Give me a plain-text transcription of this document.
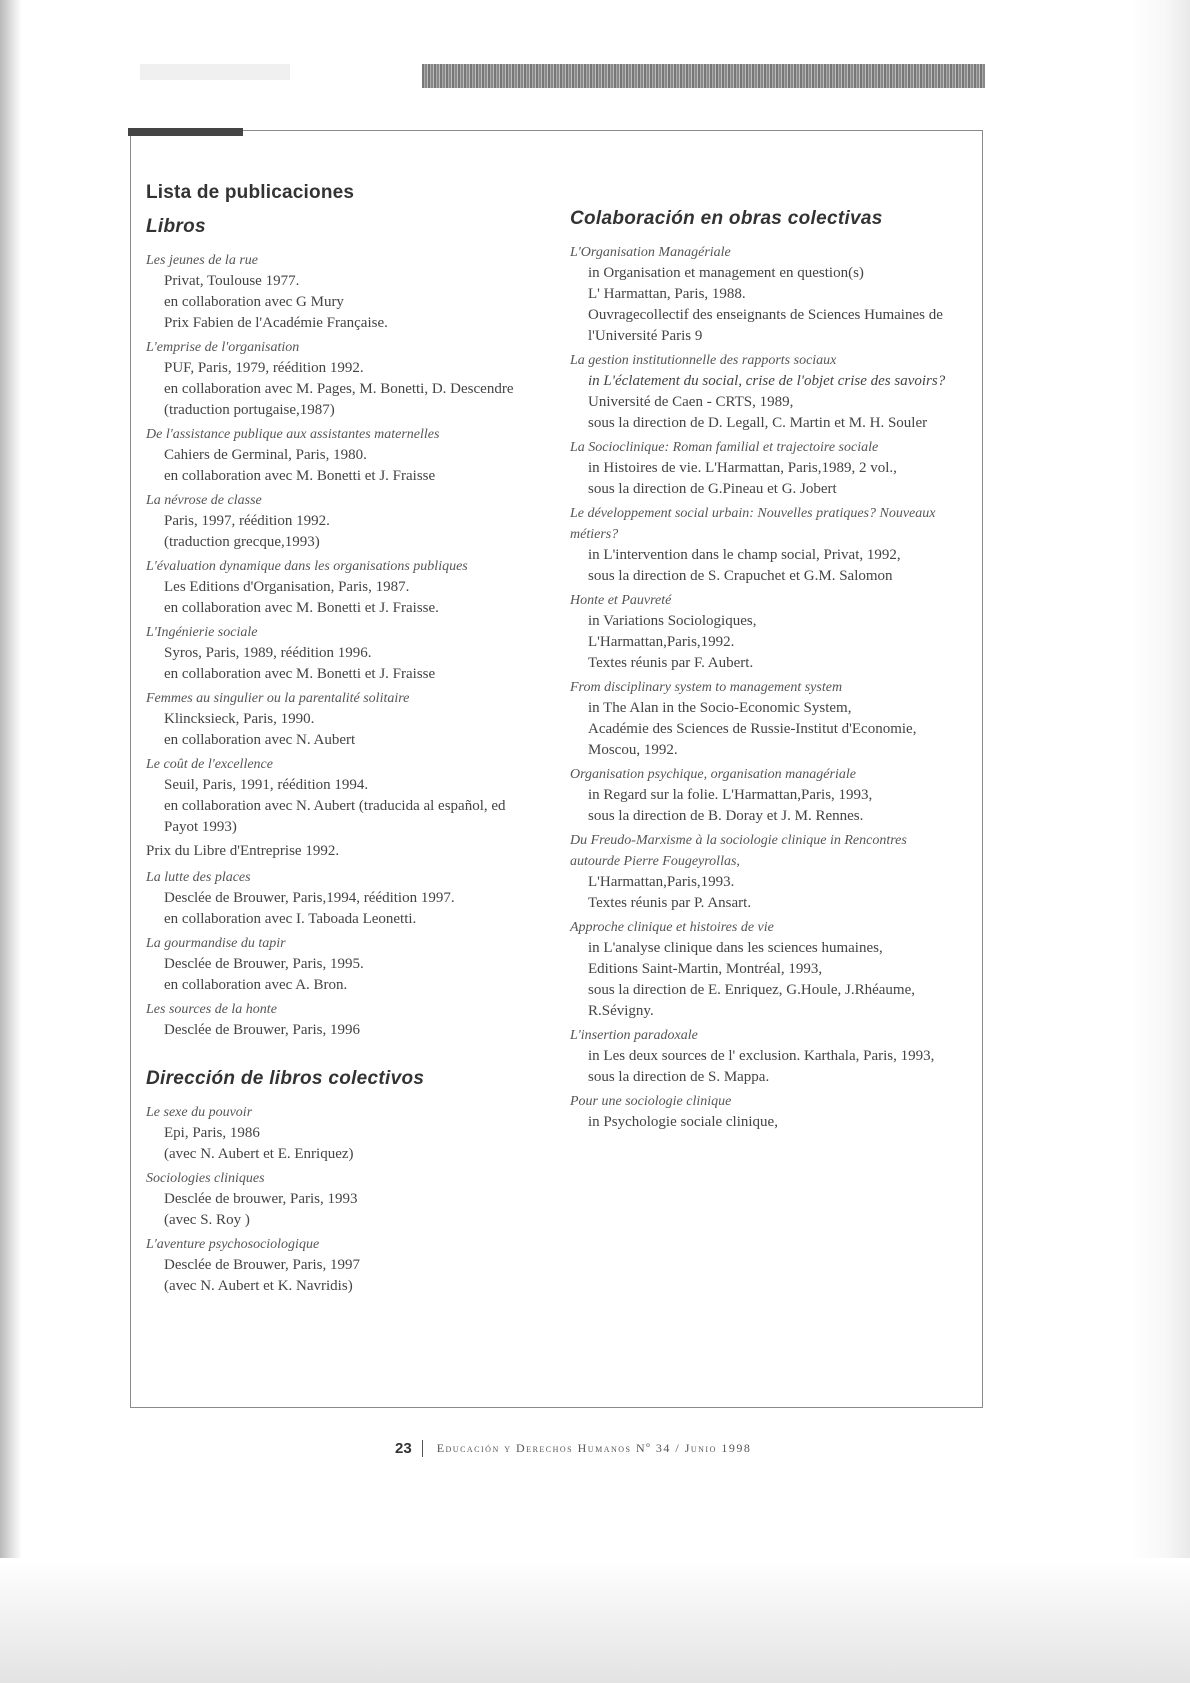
Lista de publicaciones
Libros
Les jeunes de la rue
Privat, Toulouse 1977.
en collaboration avec G Mury
Prix Fabien de l'Académie Française.
L'emprise de l'organisation
PUF, Paris, 1979, réédition 1992.
en collaboration avec M. Pages, M. Bonetti, D. Descendre
(traduction portugaise,1987)
De l'assistance publique aux assistantes maternelles
Cahiers de Germinal, Paris, 1980.
en collaboration avec M. Bonetti et J. Fraisse
La névrose de classe
Paris, 1997, réédition 1992.
(traduction grecque,1993)
L'évaluation dynamique dans les organisations publiques
Les Editions d'Organisation, Paris, 1987.
en collaboration avec M. Bonetti et J. Fraisse.
L'Ingénierie sociale
Syros, Paris, 1989, réédition 1996.
en collaboration avec M. Bonetti et J. Fraisse
Femmes au singulier ou la parentalité solitaire
Klincksieck, Paris, 1990.
en collaboration avec N. Aubert
Le coût de l'excellence
Seuil, Paris, 1991, réédition 1994.
en collaboration avec N. Aubert (traducida al español, ed Payot 1993)
Prix du Libre d'Entreprise 1992.
La lutte des places
Desclée de Brouwer, Paris,1994, réédition 1997.
en collaboration avec I. Taboada Leonetti.
La gourmandise du tapir
Desclée de Brouwer, Paris, 1995.
en collaboration avec A. Bron.
Les sources de la honte
Desclée de Brouwer, Paris, 1996
Dirección de libros colectivos
Le sexe du pouvoir
Epi, Paris, 1986
(avec N. Aubert et E. Enriquez)
Sociologies cliniques
Desclée de brouwer, Paris, 1993
(avec S. Roy )
L'aventure psychosociologique
Desclée de Brouwer, Paris, 1997
(avec N. Aubert et K. Navridis)
Colaboración en obras colectivas
L'Organisation Managériale
in Organisation et management en question(s)
L' Harmattan, Paris, 1988.
Ouvragecollectif des enseignants de Sciences Humaines de l'Université Paris 9
La gestion institutionnelle des rapports sociaux
in L'éclatement du social, crise de l'objet crise des savoirs?
Université de Caen - CRTS, 1989,
sous la direction de D. Legall, C. Martin et M. H. Souler
La Socioclinique: Roman familial et trajectoire sociale
in Histoires de vie. L'Harmattan, Paris,1989, 2 vol.,
sous la direction de G.Pineau et G. Jobert
Le développement social urbain: Nouvelles pratiques? Nouveaux métiers?
in L'intervention dans le champ social, Privat, 1992,
sous la direction de S. Crapuchet et G.M. Salomon
Honte et Pauvreté
in Variations Sociologiques,
L'Harmattan,Paris,1992.
Textes réunis par F. Aubert.
From disciplinary system to management system
in The Alan in the Socio-Economic System,
Académie des Sciences de Russie-Institut d'Economie, Moscou, 1992.
Organisation psychique, organisation managériale
in Regard sur la folie. L'Harmattan,Paris, 1993,
sous la direction de B. Doray et J. M. Rennes.
Du Freudo-Marxisme à la sociologie clinique in Rencontres autourde Pierre Fougeyrollas,
L'Harmattan,Paris,1993.
Textes réunis par P. Ansart.
Approche clinique et histoires de vie
in L'analyse clinique dans les sciences humaines,
Editions Saint-Martin, Montréal, 1993,
sous la direction de E. Enriquez, G.Houle, J.Rhéaume, R.Sévigny.
L'insertion paradoxale
in Les deux sources de l' exclusion. Karthala, Paris, 1993,
sous la direction de S. Mappa.
Pour une sociologie clinique
in Psychologie sociale clinique,
23	Educación y Derechos Humanos Nº 34 / Junio 1998
